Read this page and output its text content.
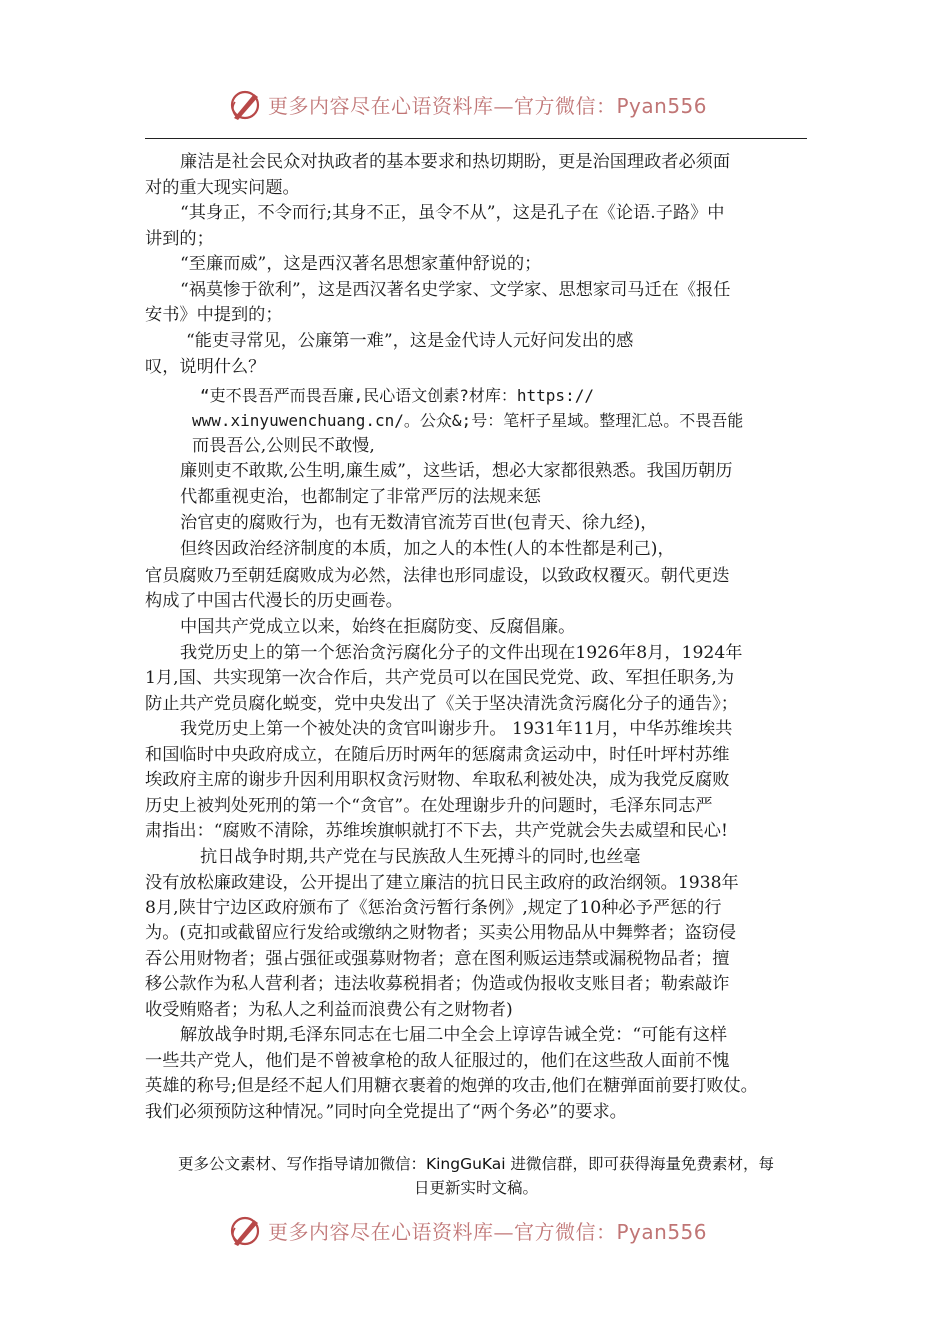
更多内容尽在心语资料库—官方微信：Pyan556
廉洁是社会民众对执政者的基本要求和热切期盼，更是治国理政者必须面
对的重大现实问题。
“其身正，不令而行;其身不正，虽令不从”，这是孔子在《论语.子路》中
讲到的；
“至廉而威”，这是西汉著名思想家董仲舒说的；
“祸莫惨于欲利”，这是西汉著名史学家、文学家、思想家司马迁在《报任
安书》中提到的；
“能吏寻常见，公廉第一难”，这是金代诗人元好问发出的感
叹，说明什么？
“吏不畏吾严而畏吾廉,民心语文创素?材库：https://
www.xinyuwenchuang.cn/。公众&;号：笔杆子星域。整理汇总。不畏吾能
而畏吾公,公则民不敢慢,
廉则吏不敢欺,公生明,廉生威”，这些话，想必大家都很熟悉。我国历朝历
代都重视吏治，也都制定了非常严厉的法规来惩
治官吏的腐败行为，也有无数清官流芳百世(包青天、徐九经)，
但终因政治经济制度的本质，加之人的本性(人的本性都是利己)，
官员腐败乃至朝廷腐败成为必然，法律也形同虚设，以致政权覆灭。朝代更迭
构成了中国古代漫长的历史画卷。
中国共产党成立以来，始终在拒腐防变、反腐倡廉。
我党历史上的第一个惩治贪污腐化分子的文件出现在1926年8月，1924年
1月,国、共实现第一次合作后，共产党员可以在国民党党、政、军担任职务,为
防止共产党员腐化蜕变，党中央发出了《关于坚决清洗贪污腐化分子的通告》；
我党历史上第一个被处决的贪官叫谢步升。 1931年11月，中华苏维埃共
和国临时中央政府成立，在随后历时两年的惩腐肃贪运动中，时任叶坪村苏维
埃政府主席的谢步升因利用职权贪污财物、牟取私利被处决，成为我党反腐败
历史上被判处死刑的第一个“贪官”。在处理谢步升的问题时，毛泽东同志严
肃指出：“腐败不清除，苏维埃旗帜就打不下去，共产党就会失去威望和民心!
抗日战争时期,共产党在与民族敌人生死搏斗的同时,也丝毫
没有放松廉政建设，公开提出了建立廉洁的抗日民主政府的政治纲领。1938年
8月,陕甘宁边区政府颁布了《惩治贪污暂行条例》,规定了10种必予严惩的行
为。(克扣或截留应行发给或缴纳之财物者；买卖公用物品从中舞弊者；盗窃侵
吞公用财物者；强占强征或强募财物者；意在图利贩运违禁或漏税物品者；擅
移公款作为私人营利者；违法收募税捐者；伪造或伪报收支账目者；勒索敲诈
收受贿赂者；为私人之利益而浪费公有之财物者)
解放战争时期,毛泽东同志在七届二中全会上谆谆告诫全党：“可能有这样
一些共产党人，他们是不曾被拿枪的敌人征服过的，他们在这些敌人面前不愧
英雄的称号;但是经不起人们用糖衣裹着的炮弹的攻击,他们在糖弹面前要打败仗。
我们必须预防这种情况。”同时向全党提出了“两个务必”的要求。
更多公文素材、写作指导请加微信：KingGuKai 进微信群，即可获得海量免费素材，每
日更新实时文稿。
更多内容尽在心语资料库—官方微信：Pyan556
